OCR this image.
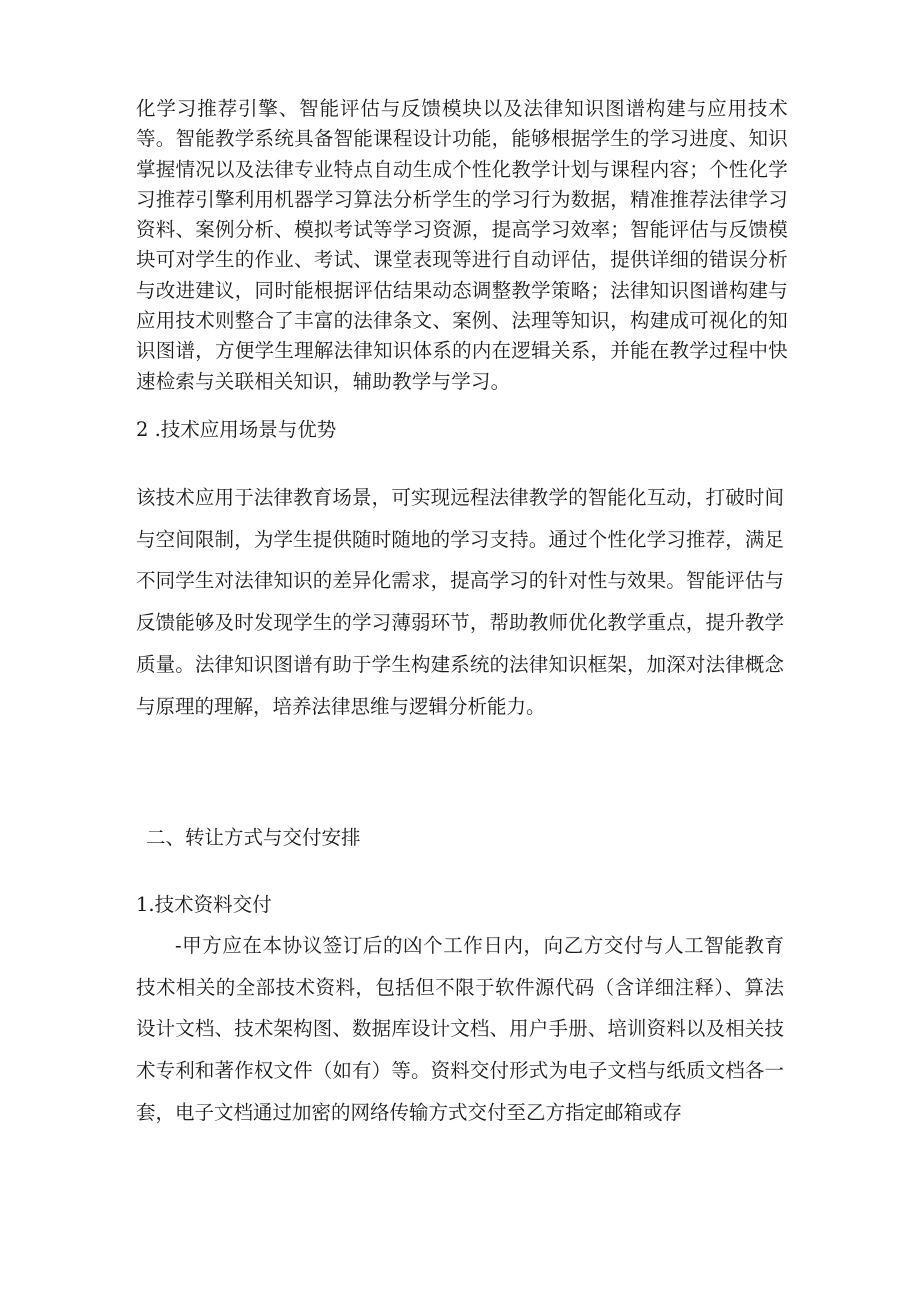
化学习推荐引擎、智能评估与反馈模块以及法律知识图谱构建与应用技术等。智能教学系统具备智能课程设计功能，能够根据学生的学习进度、知识掌握情况以及法律专业特点自动生成个性化教学计划与课程内容；个性化学习推荐引擎利用机器学习算法分析学生的学习行为数据，精准推荐法律学习资料、案例分析、模拟考试等学习资源，提高学习效率；智能评估与反馈模块可对学生的作业、考试、课堂表现等进行自动评估，提供详细的错误分析与改进建议，同时能根据评估结果动态调整教学策略；法律知识图谱构建与应用技术则整合了丰富的法律条文、案例、法理等知识，构建成可视化的知识图谱，方便学生理解法律知识体系的内在逻辑关系，并能在教学过程中快速检索与关联相关知识，辅助教学与学习。

2 .技术应用场景与优势

该技术应用于法律教育场景，可实现远程法律教学的智能化互动，打破时间与空间限制，为学生提供随时随地的学习支持。通过个性化学习推荐，满足不同学生对法律知识的差异化需求，提高学习的针对性与效果。智能评估与反馈能够及时发现学生的学习薄弱环节，帮助教师优化教学重点，提升教学质量。法律知识图谱有助于学生构建系统的法律知识框架，加深对法律概念与原理的理解，培养法律思维与逻辑分析能力。

二、转让方式与交付安排

1.技术资料交付

-甲方应在本协议签订后的凶个工作日内，向乙方交付与人工智能教育技术相关的全部技术资料，包括但不限于软件源代码（含详细注释）、算法设计文档、技术架构图、数据库设计文档、用户手册、培训资料以及相关技术专利和著作权文件（如有）等。资料交付形式为电子文档与纸质文档各一套，电子文档通过加密的网络传输方式交付至乙方指定邮箱或存
